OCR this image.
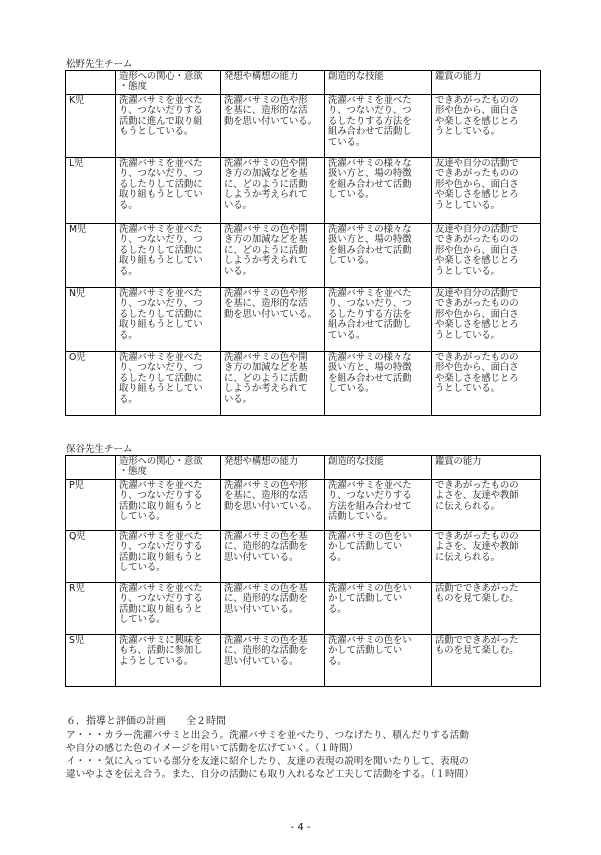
松野先生チーム

	造形への関心・意欲
・態度	発想や構想の能力	創造的な技能	鑑賞の能力

K児	洗濯バサミを並べた
り、つないだりする
活動に進んで取り組
もうとしている。	洗濯バサミの色や形
を基に、造形的な活
動を思い付いている。	洗濯バサミを並べた
り、つないだり、つ
るしたりする方法を
組み合わせて活動し
ている。	できあがったものの
形や色から、面白さ
や楽しさを感じとろ
うとしている。

L児	洗濯バサミを並べた
り、つないだり、つ
るしたりして活動に
取り組もうとしてい
る。	洗濯バサミの色や開
き方の加減などを基
に、どのように活動
しようか考えられて
いる。	洗濯バサミの様々な
扱い方と、場の特徴
を組み合わせて活動
している。	友達や自分の活動で
できあがったものの
形や色から、面白さ
や楽しさを感じとろ
うとしている。

M児	洗濯バサミを並べた
り、つないだり、つ
るしたりして活動に
取り組もうとしてい
る。	洗濯バサミの色や開
き方の加減などを基
に、どのように活動
しようか考えられて
いる。	洗濯バサミの様々な
扱い方と、場の特徴
を組み合わせて活動
している。	友達や自分の活動で
できあがったものの
形や色から、面白さ
や楽しさを感じとろ
うとしている。

N児	洗濯バサミを並べた
り、つないだり、つ
るしたりして活動に
取り組もうとしてい
る。	洗濯バサミの色や形
を基に、造形的な活
動を思い付いている。	洗濯バサミを並べた
り、つないだり、つ
るしたりする方法を
組み合わせて活動し
ている。	友達や自分の活動で
できあがったものの
形や色から、面白さ
や楽しさを感じとろ
うとしている。

O児	洗濯バサミを並べた
り、つないだり、つ
るしたりして活動に
取り組もうとしてい
る。	洗濯バサミの色や開
き方の加減などを基
に、どのように活動
しようか考えられて
いる。	洗濯バサミの様々な
扱い方と、場の特徴
を組み合わせて活動
している。	できあがったものの
形や色から、面白さ
や楽しさを感じとろ
うとしている。
保谷先生チーム

	造形への関心・意欲
・態度	発想や構想の能力	創造的な技能	鑑賞の能力

P児	洗濯バサミを並べた
り、つないだりする
活動に取り組もうと
している。	洗濯バサミの色や形
を基に、造形的な活
動を思い付いている。	洗濯バサミを並べた
り、つないだりする
方法を組み合わせて
活動している。	できあがったものの
よさを、友達や教師
に伝えられる。

Q児	洗濯バサミを並べた
り、つないだりする
活動に取り組もうと
している。	洗濯バサミの色を基
に、造形的な活動を
思い付いている。	洗濯バサミの色をい
かして活動してい
る。	できあがったものの
よさを、友達や教師
に伝えられる。

R児	洗濯バサミを並べた
り、つないだりする
活動に取り組もうと
している。	洗濯バサミの色を基
に、造形的な活動を
思い付いている。	洗濯バサミの色をい
かして活動してい
る。	活動でできあがった
ものを見て楽しむ。

S児	洗濯バサミに興味を
もち、活動に参加し
ようとしている。	洗濯バサミの色を基
に、造形的な活動を
思い付いている。	洗濯バサミの色をい
かして活動してい
る。	活動でできあがった
ものを見て楽しむ。
６．指導と評価の計画　　全２時間
ア・・・カラー洗濯バサミと出会う。洗濯バサミを並べたり、つなげたり、積んだりする活動
や自分の感じた色のイメージを用いて活動を広げていく。（１時間）
イ・・・気に入っている部分を友達に紹介したり、友達の表現の説明を聞いたりして、表現の
違いやよさを伝え合う。また、自分の活動にも取り入れるなど工夫して活動をする。（１時間）
- 4 -
